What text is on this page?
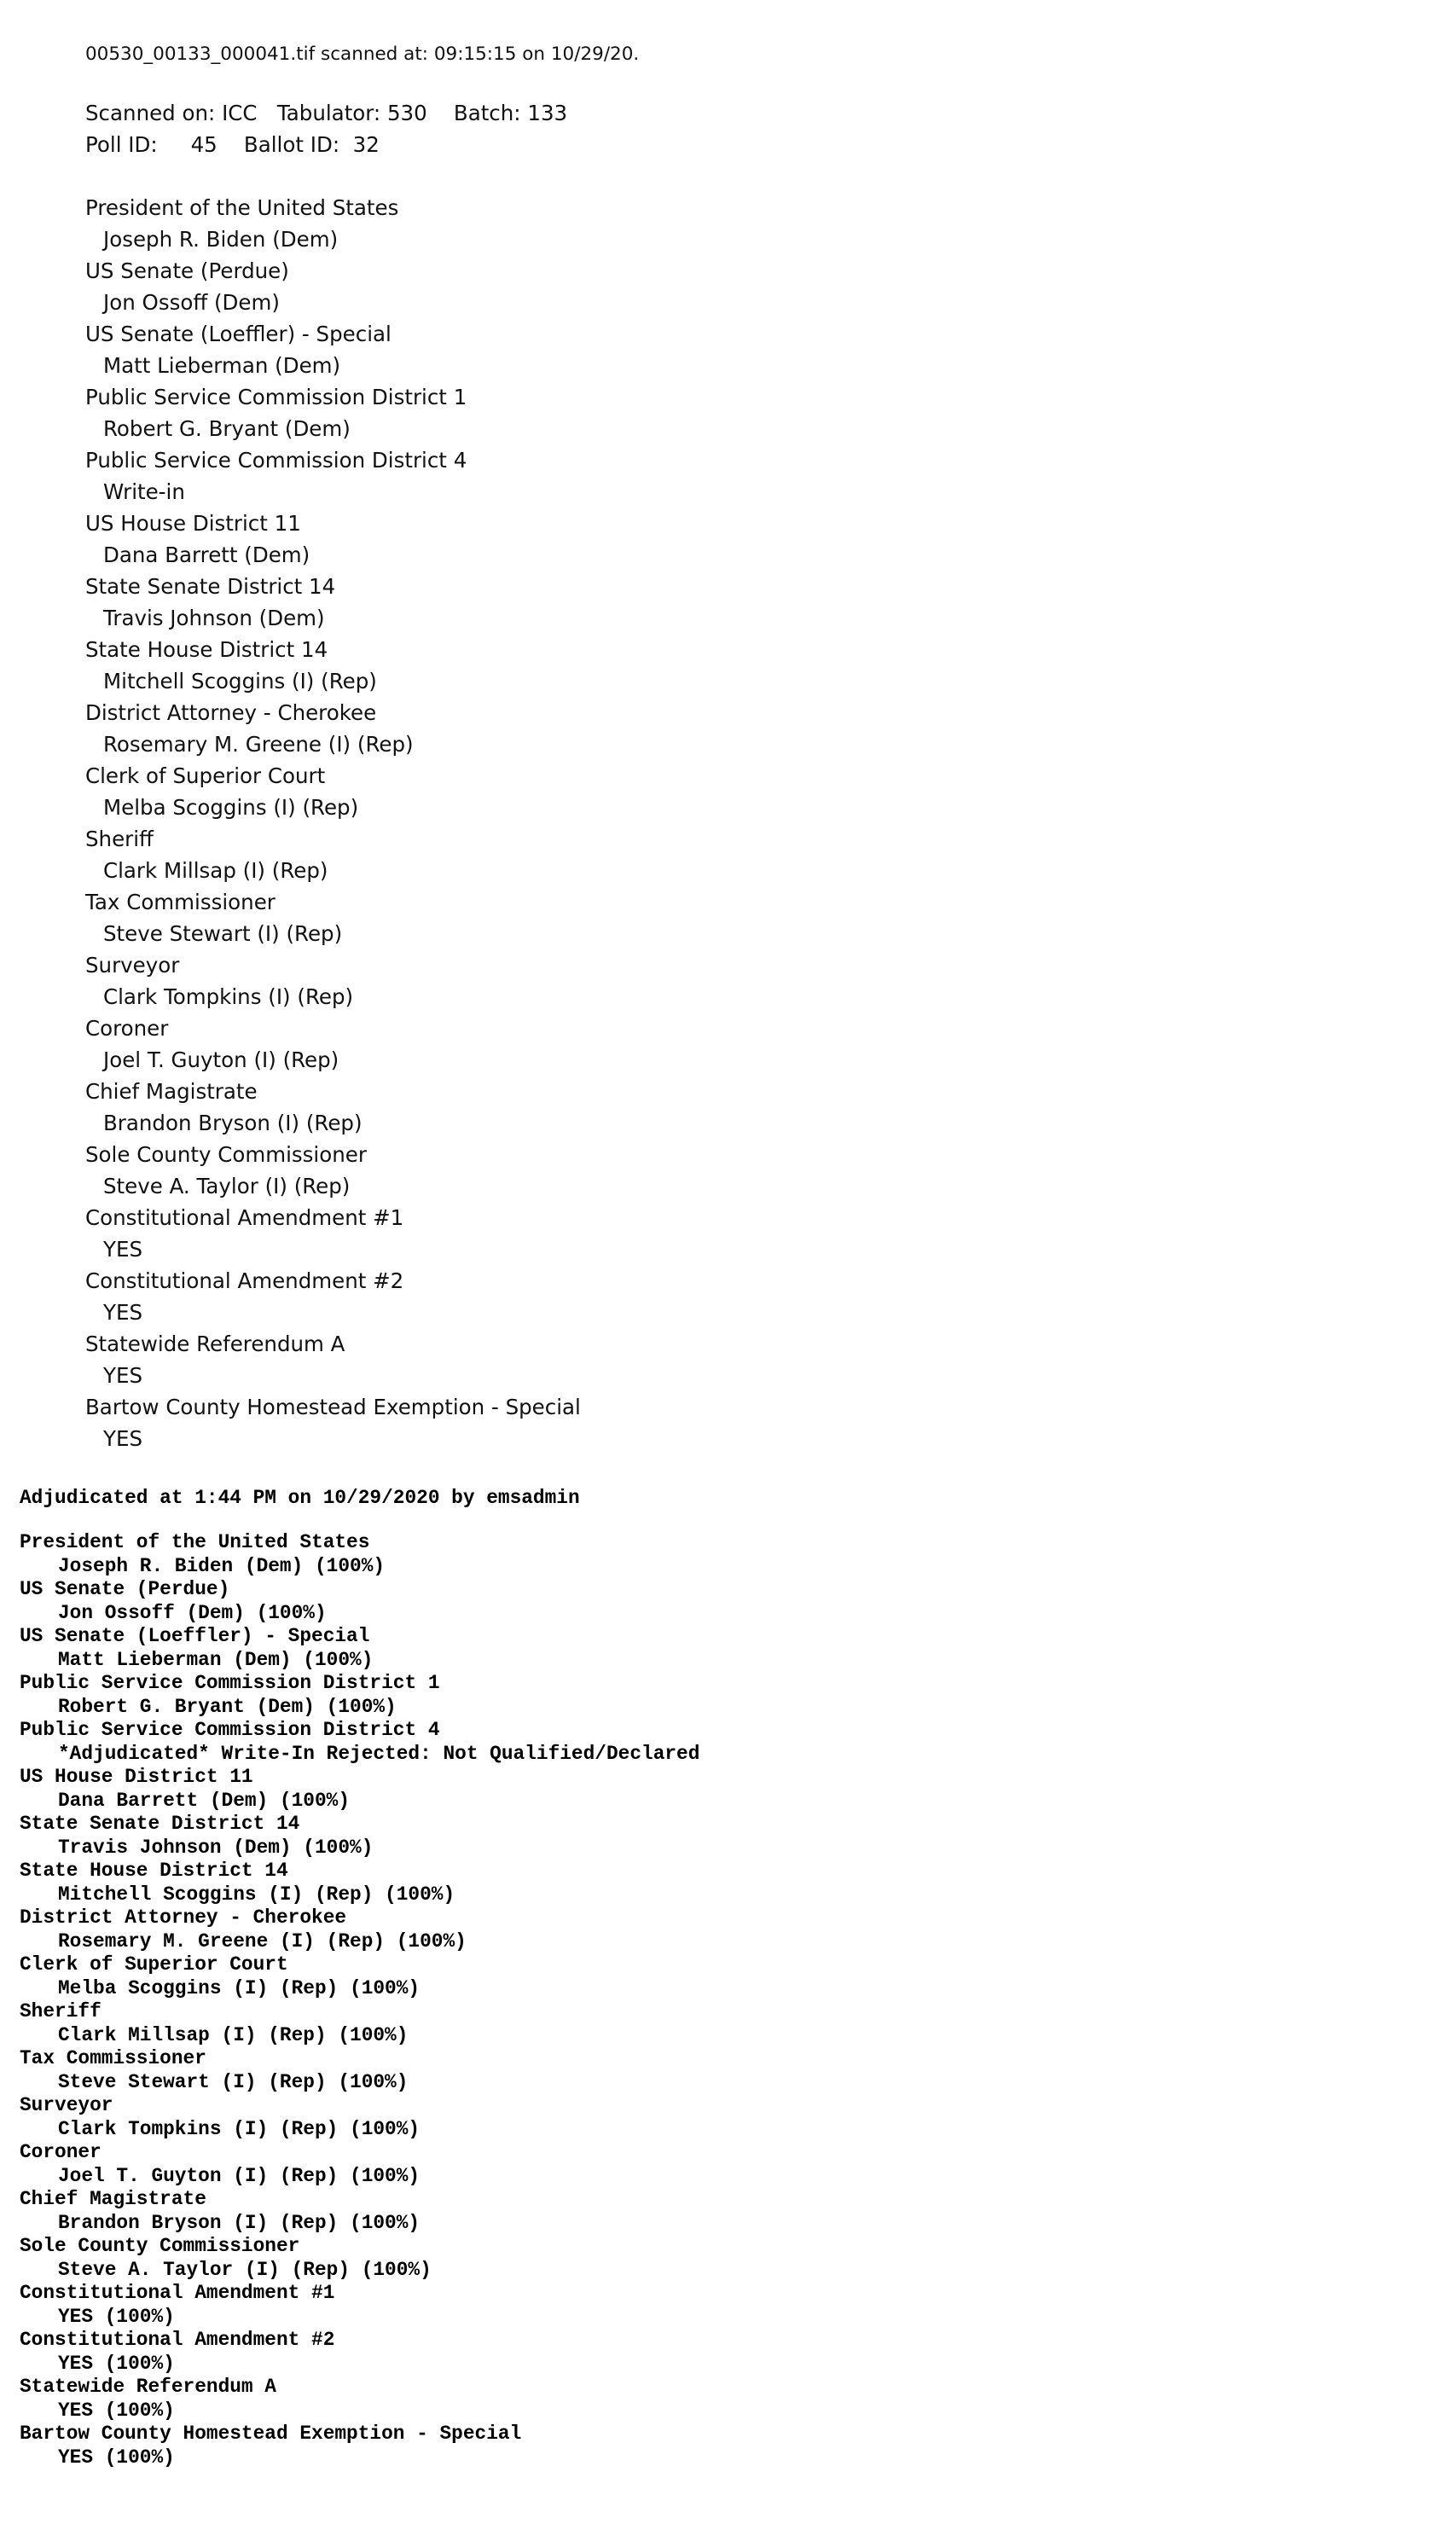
00530_00133_000041.tif scanned at: 09:15:15 on 10/29/20.
Scanned on: ICC   Tabulator: 530    Batch: 133
Poll ID:     45    Ballot ID:  32
President of the United States
Joseph R. Biden (Dem)
US Senate (Perdue)
Jon Ossoff (Dem)
US Senate (Loeffler) - Special
Matt Lieberman (Dem)
Public Service Commission District 1
Robert G. Bryant (Dem)
Public Service Commission District 4
Write-in
US House District 11
Dana Barrett (Dem)
State Senate District 14
Travis Johnson (Dem)
State House District 14
Mitchell Scoggins (I) (Rep)
District Attorney - Cherokee
Rosemary M. Greene (I) (Rep)
Clerk of Superior Court
Melba Scoggins (I) (Rep)
Sheriff
Clark Millsap (I) (Rep)
Tax Commissioner
Steve Stewart (I) (Rep)
Surveyor
Clark Tompkins (I) (Rep)
Coroner
Joel T. Guyton (I) (Rep)
Chief Magistrate
Brandon Bryson (I) (Rep)
Sole County Commissioner
Steve A. Taylor (I) (Rep)
Constitutional Amendment #1
YES
Constitutional Amendment #2
YES
Statewide Referendum A
YES
Bartow County Homestead Exemption - Special
YES
Adjudicated at 1:44 PM on 10/29/2020 by emsadmin
President of the United States
Joseph R. Biden (Dem) (100%)
US Senate (Perdue)
Jon Ossoff (Dem) (100%)
US Senate (Loeffler) - Special
Matt Lieberman (Dem) (100%)
Public Service Commission District 1
Robert G. Bryant (Dem) (100%)
Public Service Commission District 4
*Adjudicated* Write-In Rejected: Not Qualified/Declared
US House District 11
Dana Barrett (Dem) (100%)
State Senate District 14
Travis Johnson (Dem) (100%)
State House District 14
Mitchell Scoggins (I) (Rep) (100%)
District Attorney - Cherokee
Rosemary M. Greene (I) (Rep) (100%)
Clerk of Superior Court
Melba Scoggins (I) (Rep) (100%)
Sheriff
Clark Millsap (I) (Rep) (100%)
Tax Commissioner
Steve Stewart (I) (Rep) (100%)
Surveyor
Clark Tompkins (I) (Rep) (100%)
Coroner
Joel T. Guyton (I) (Rep) (100%)
Chief Magistrate
Brandon Bryson (I) (Rep) (100%)
Sole County Commissioner
Steve A. Taylor (I) (Rep) (100%)
Constitutional Amendment #1
YES (100%)
Constitutional Amendment #2
YES (100%)
Statewide Referendum A
YES (100%)
Bartow County Homestead Exemption - Special
YES (100%)
